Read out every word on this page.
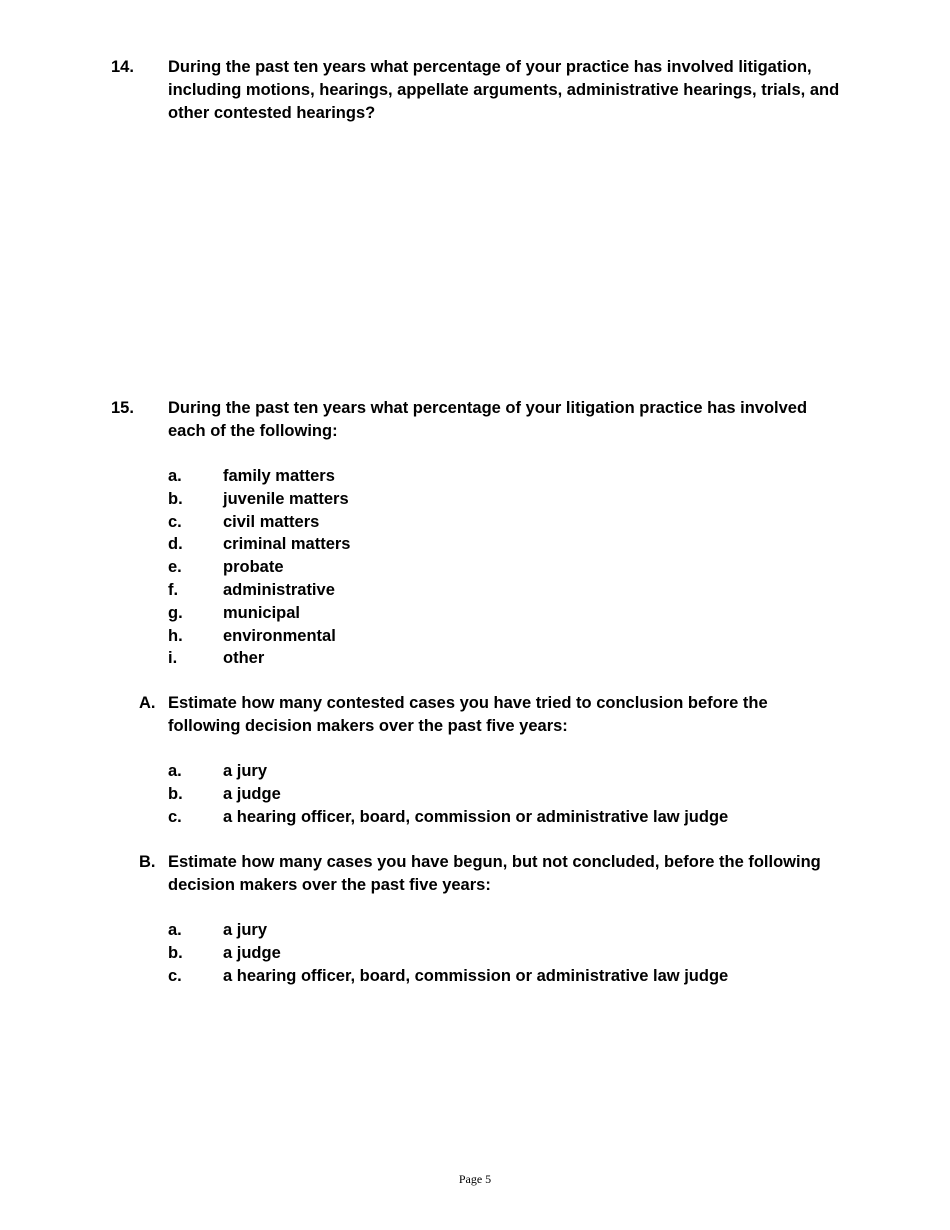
14. During the past ten years what percentage of your practice has involved litigation, including motions, hearings, appellate arguments, administrative hearings, trials, and other contested hearings?
15. During the past ten years what percentage of your litigation practice has involved each of the following:
a. family matters
b. juvenile matters
c. civil matters
d. criminal matters
e. probate
f.	administrative
g. municipal
h. environmental
i.	other
A. Estimate how many contested cases you have tried to conclusion before the following decision makers over the past five years:
a. a jury
b. a judge
c. a hearing officer, board, commission or administrative law judge
B. Estimate how many cases you have begun, but not concluded, before the following decision makers over the past five years:
a. a jury
b. a judge
c. a hearing officer, board, commission or administrative law judge
Page 5
